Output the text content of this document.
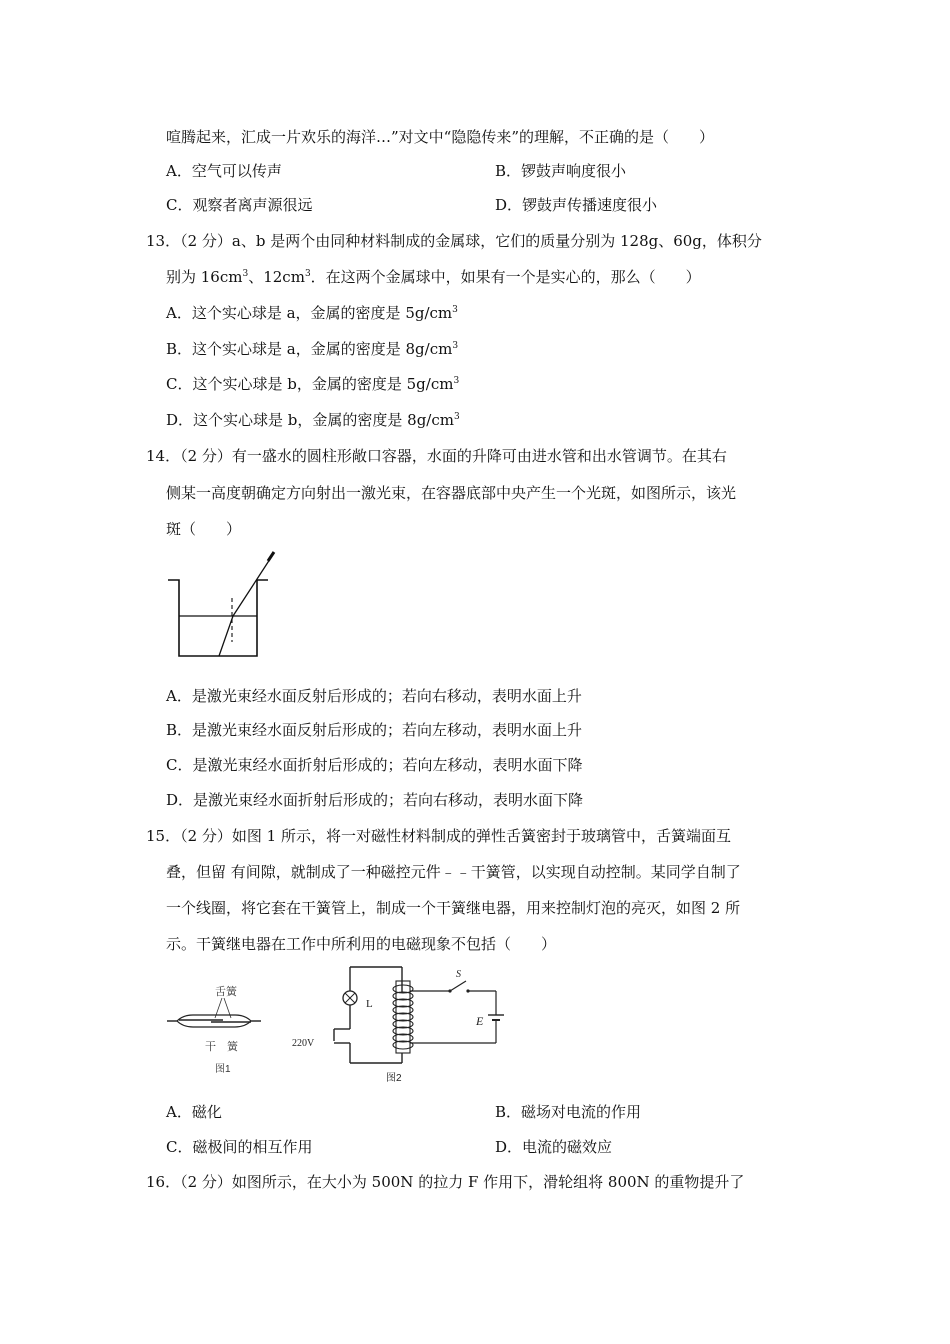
喧腾起来，汇成一片欢乐的海洋…”对文中“隐隐传来”的理解，不正确的是（　　）
A．空气可以传声	B．锣鼓声响度很小
C．观察者离声源很远	D．锣鼓声传播速度很小
13．（2 分）a、b 是两个由同种材料制成的金属球，它们的质量分别为 128g、60g，体积分
别为 $16cm^3$、$12cm^3$．在这两个金属球中，如果有一个是实心的，那么（　　）
A．这个实心球是 a，金属的密度是 $5g/cm^3$
B．这个实心球是 a，金属的密度是 $8g/cm^3$
C．这个实心球是 b，金属的密度是 $5g/cm^3$
D．这个实心球是 b，金属的密度是 $8g/cm^3$
14．（2 分）有一盛水的圆柱形敞口容器，水面的升降可由进水管和出水管调节。在其右
侧某一高度朝确定方向射出一激光束，在容器底部中央产生一个光斑，如图所示，该光
斑（　　）
A．是激光束经水面反射后形成的；若向右移动，表明水面上升
B．是激光束经水面反射后形成的；若向左移动，表明水面上升
C．是激光束经水面折射后形成的；若向左移动，表明水面下降
D．是激光束经水面折射后形成的；若向右移动，表明水面下降
15．（2 分）如图 1 所示，将一对磁性材料制成的弹性舌簧密封于玻璃管中，舌簧端面互
叠，但留 有间隙，就制成了一种磁控元件﹣﹣干簧管，以实现自动控制。某同学自制了
一个线圈，将它套在干簧管上，制成一个干簧继电器，用来控制灯泡的亮灭，如图 2 所
示。干簧继电器在工作中所利用的电磁现象不包括（　　）
舌簧
干　簧
图1
L
220V
S
E
图2
A．磁化	B．磁场对电流的作用
C．磁极间的相互作用	D．电流的磁效应
16．（2 分）如图所示，在大小为 500N 的拉力 F 作用下，滑轮组将 800N 的重物提升了
